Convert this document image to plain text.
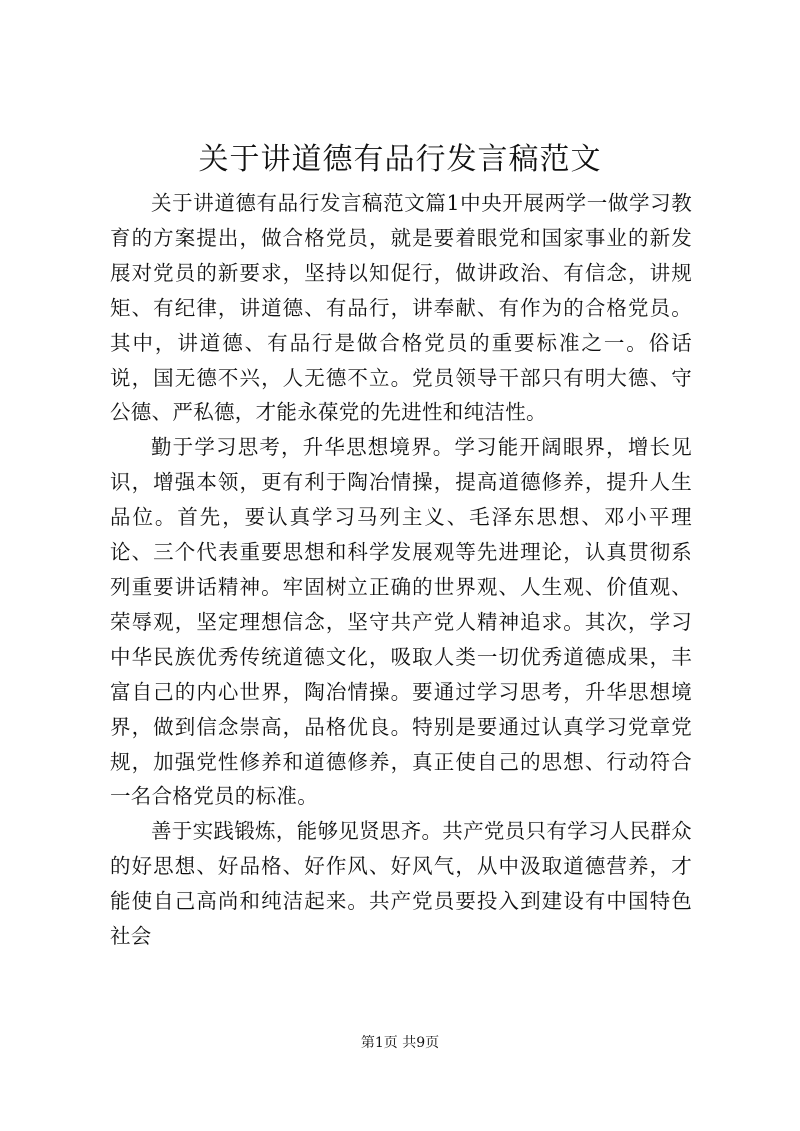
关于讲道德有品行发言稿范文

关于讲道德有品行发言稿范文篇1中央开展两学一做学习教育的方案提出，做合格党员，就是要着眼党和国家事业的新发展对党员的新要求，坚持以知促行，做讲政治、有信念，讲规矩、有纪律，讲道德、有品行，讲奉献、有作为的合格党员。其中，讲道德、有品行是做合格党员的重要标准之一。俗话说，国无德不兴，人无德不立。党员领导干部只有明大德、守公德、严私德，才能永葆党的先进性和纯洁性。

勤于学习思考，升华思想境界。学习能开阔眼界，增长见识，增强本领，更有利于陶冶情操，提高道德修养，提升人生品位。首先，要认真学习马列主义、毛泽东思想、邓小平理论、三个代表重要思想和科学发展观等先进理论，认真贯彻系列重要讲话精神。牢固树立正确的世界观、人生观、价值观、荣辱观，坚定理想信念，坚守共产党人精神追求。其次，学习中华民族优秀传统道德文化，吸取人类一切优秀道德成果，丰富自己的内心世界，陶冶情操。要通过学习思考，升华思想境界，做到信念崇高，品格优良。特别是要通过认真学习党章党规，加强党性修养和道德修养，真正使自己的思想、行动符合一名合格党员的标准。

善于实践锻炼，能够见贤思齐。共产党员只有学习人民群众的好思想、好品格、好作风、好风气，从中汲取道德营养，才能使自己高尚和纯洁起来。共产党员要投入到建设有中国特色社会

第1页 共9页
